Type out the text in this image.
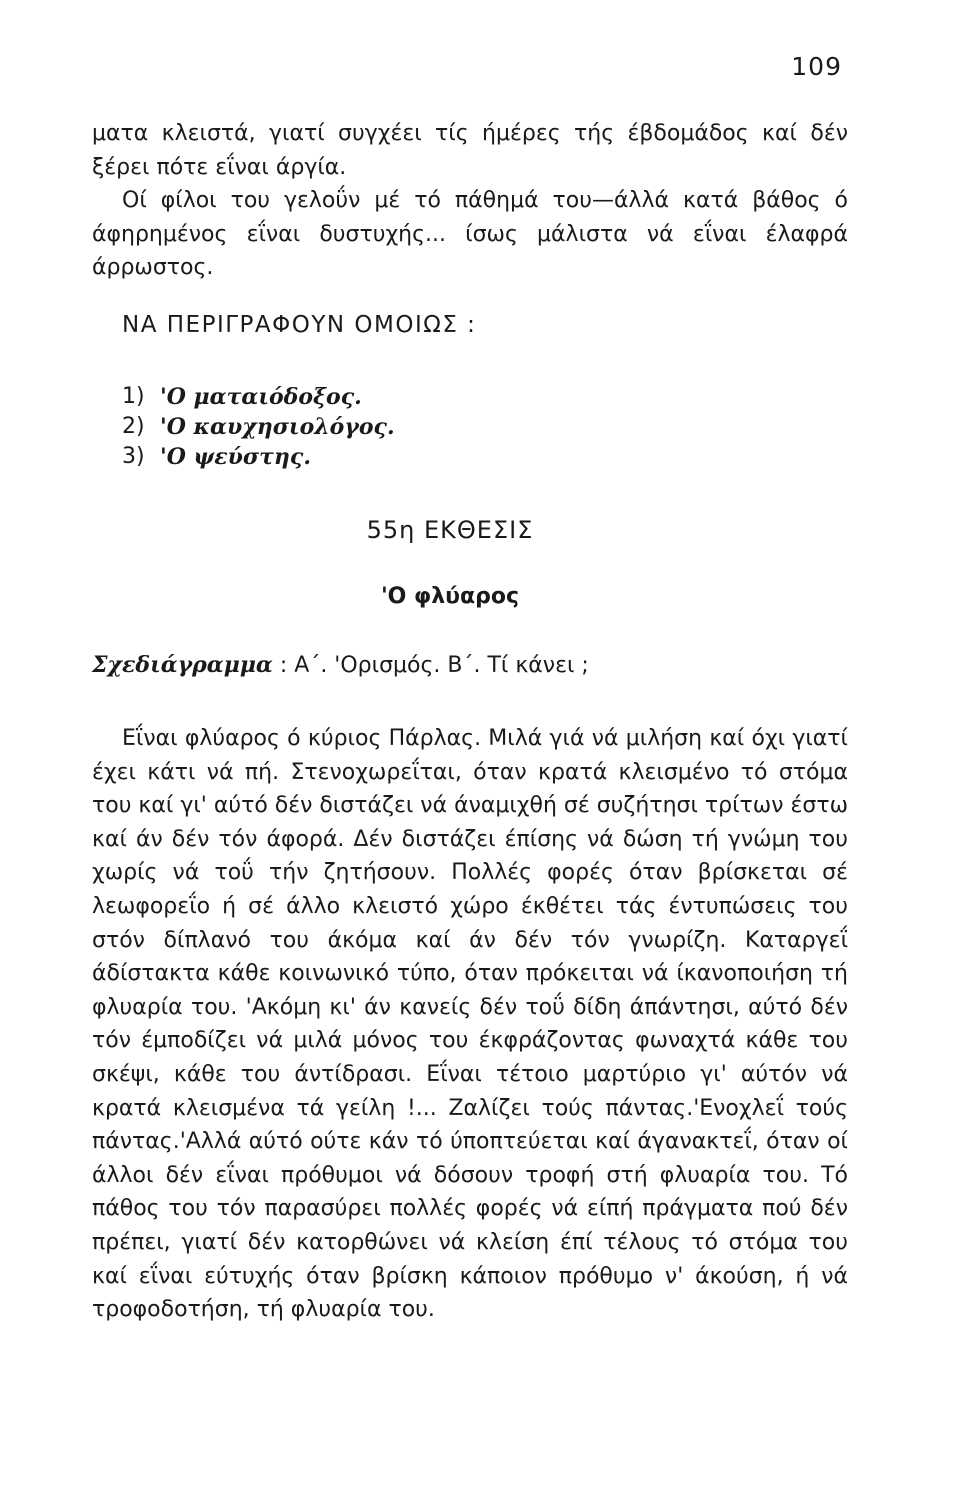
109

ματα κλειστά, γιατί συγχέει τίς ήμέρες τής έβδομάδος καί δέν ξέρει πότε εΐναι άργία.

Οί φίλοι του γελοΰν μέ τό πάθημά του—άλλά κατά βάθος ό άφηρημένος εΐναι δυστυχής... ίσως μάλιστα νά εΐναι έλαφρά άρρωστος.

ΝΑ ΠΕΡΙΓΡΑΦΟΥΝ ΟΜΟΙΩΣ :
1) 'Ο ματαιόδοξος.
2) 'Ο καυχησιολόγος.
3) 'Ο ψεύστης.
55η ΕΚΘΕΣΙΣ
'Ο φλύαρος
Σχεδιάγραμμα : Α΄. 'Ορισμός. Β΄. Τί κάνει ;

Εΐναι φλύαρος ό κύριος Πάρλας. Μιλά γιά νά μιλήση καί όχι γιατί έχει κάτι νά πή. Στενοχωρεΐται, όταν κρατά κλεισμένο τό στόμα του καί γι' αύτό δέν διστάζει νά άναμιχθή σέ συζήτησι τρίτων έστω καί άν δέν τόν άφορά. Δέν διστάζει έπίσης νά δώση τή γνώμη του χωρίς νά τοΰ τήν ζητήσουν. Πολλές φορές όταν βρίσκεται σέ λεωφορεΐο ή σέ άλλο κλειστό χώρο έκθέτει τάς έντυπώσεις του στόν δίπλανό του άκόμα καί άν δέν τόν γνωρίζη. Καταργεΐ άδίστακτα κάθε κοινωνικό τύπο, όταν πρόκειται νά ίκανοποιήση τή φλυαρία του. 'Ακόμη κι' άν κανείς δέν τοΰ δίδη άπάντησι, αύτό δέν τόν έμποδίζει νά μιλά μόνος του έκφράζοντας φωναχτά κάθε του σκέψι, κάθε του άντίδρασι. Εΐναι τέτοιο μαρτύριο γι' αύτόν νά κρατά κλεισμένα τά γείλη !... Ζαλίζει τούς πάντας.'Ενοχλεΐ τούς πάντας.'Αλλά αύτό ούτε κάν τό ύποπτεύεται καί άγανακτεΐ, όταν οί άλλοι δέν εΐναι πρόθυμοι νά δόσουν τροφή στή φλυαρία του. Τό πάθος του τόν παρασύρει πολλές φορές νά είπή πράγματα πού δέν πρέπει, γιατί δέν κατορθώνει νά κλείση έπί τέλους τό στόμα του καί εΐναι εύτυχής όταν βρίσκη κάποιον πρόθυμο ν' άκούση, ή νά τροφοδοτήση, τή φλυαρία του.
